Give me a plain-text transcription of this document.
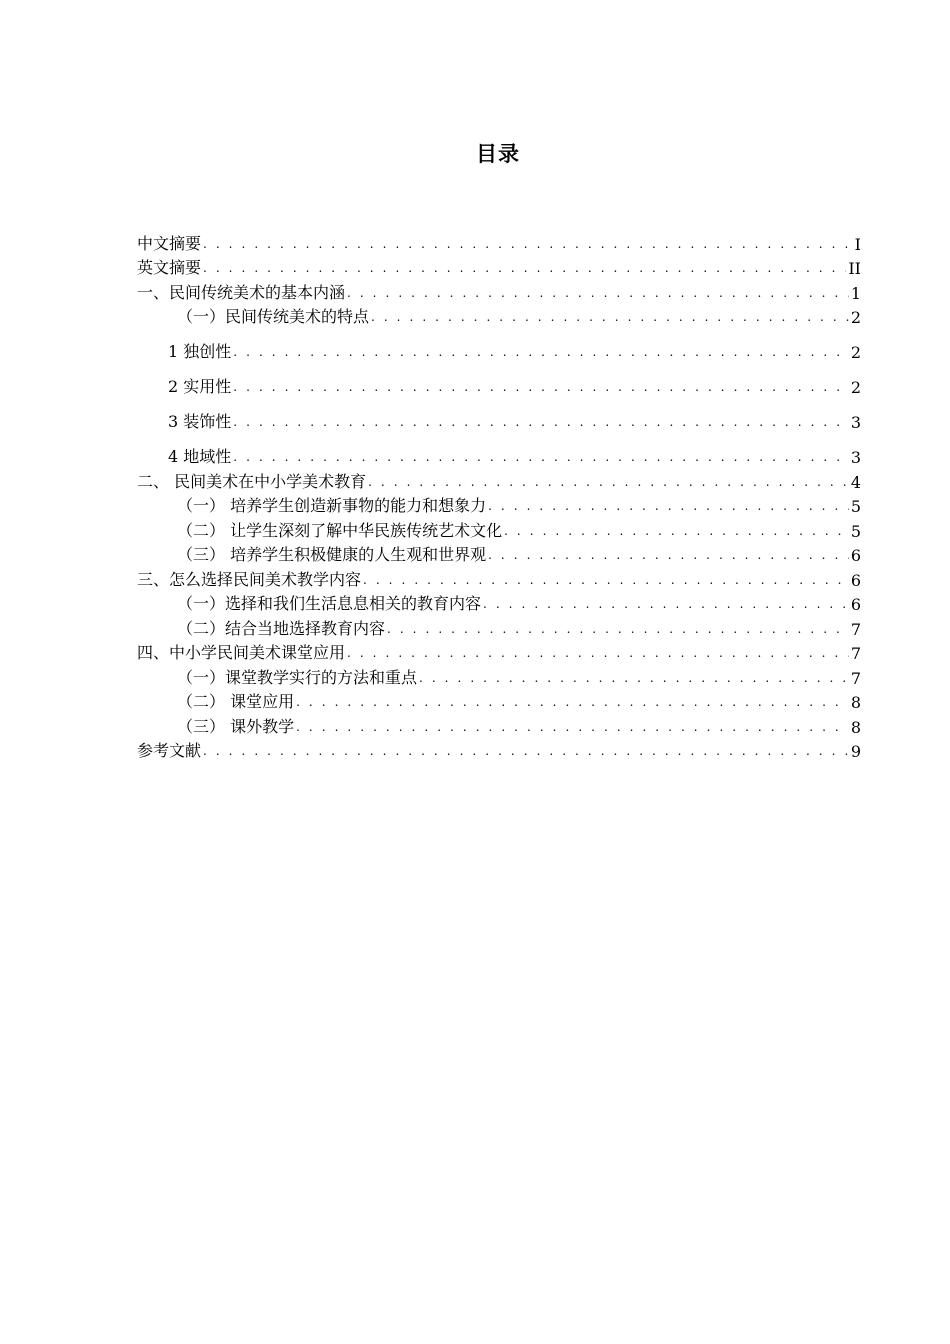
目录
中文摘要 . . .	I
英文摘要 . . .	II
一、民间传统美术的基本内涵 . . .	1
（一）民间传统美术的特点 . . .	2
1 独创性 . . .	2
2 实用性 . . .	2
3 装饰性 . . .	3
4 地域性 . . .	3
二、 民间美术在中小学美术教育 . . .	4
（一） 培养学生创造新事物的能力和想象力 . . .	5
（二） 让学生深刻了解中华民族传统艺术文化 . . .	5
（三） 培养学生积极健康的人生观和世界观 . . .	6
三、怎么选择民间美术教学内容 . . .	6
（一）选择和我们生活息息相关的教育内容 . . .	6
（二）结合当地选择教育内容 . . .	7
四、中小学民间美术课堂应用 . . .	7
（一）课堂教学实行的方法和重点 . . .	7
（二） 课堂应用 . . .	8
（三） 课外教学 . . .	8
参考文献 . . .	9
